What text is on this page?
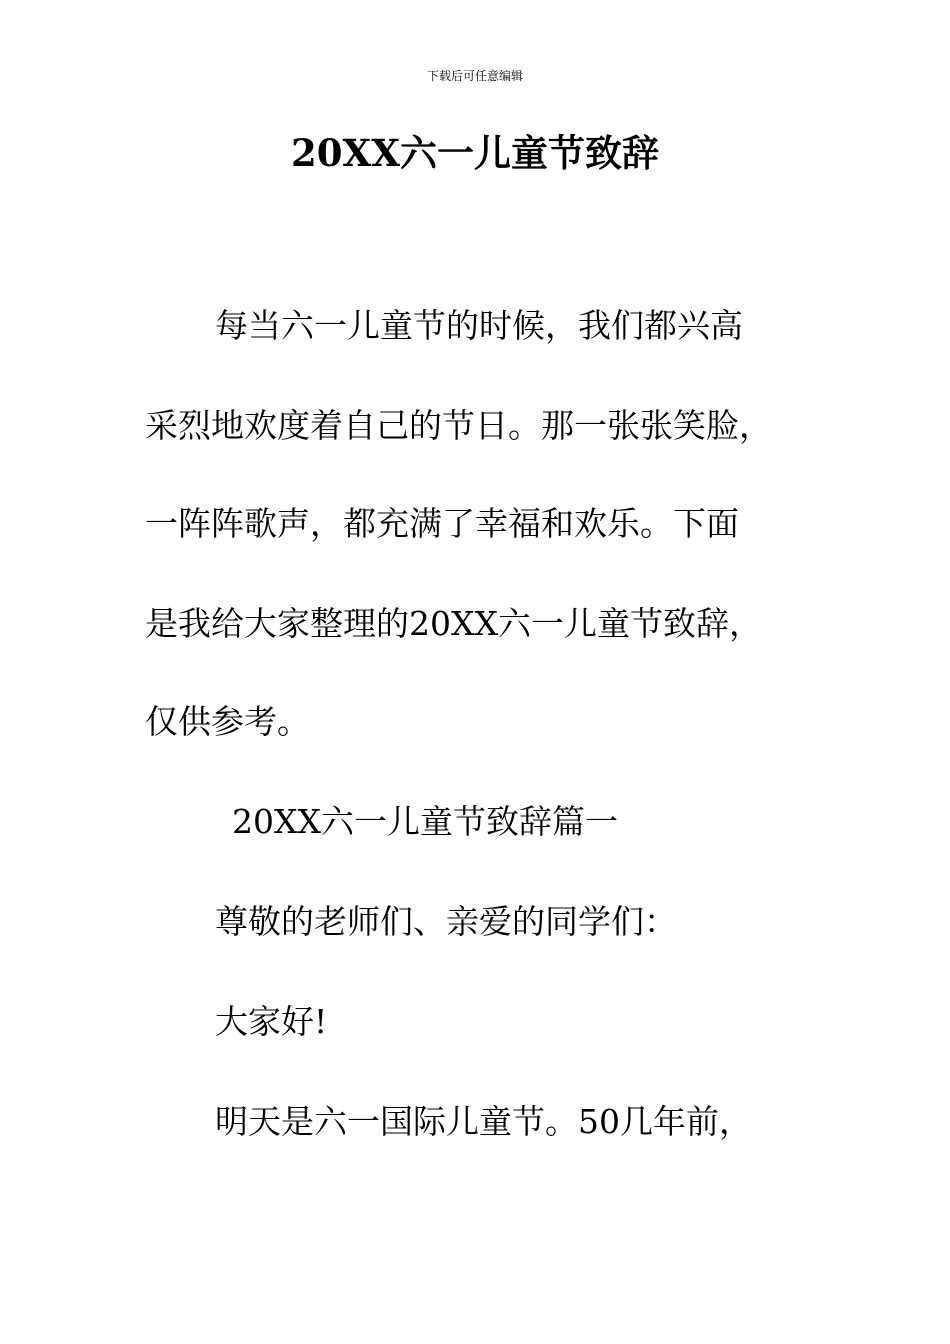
下载后可任意编辑
20XX六一儿童节致辞
每当六一儿童节的时候，我们都兴高
采烈地欢度着自己的节日。那一张张笑脸，
一阵阵歌声，都充满了幸福和欢乐。下面
是我给大家整理的20XX六一儿童节致辞，
仅供参考。
20XX六一儿童节致辞篇一
尊敬的老师们、亲爱的同学们：
大家好!
明天是六一国际儿童节。50几年前，
